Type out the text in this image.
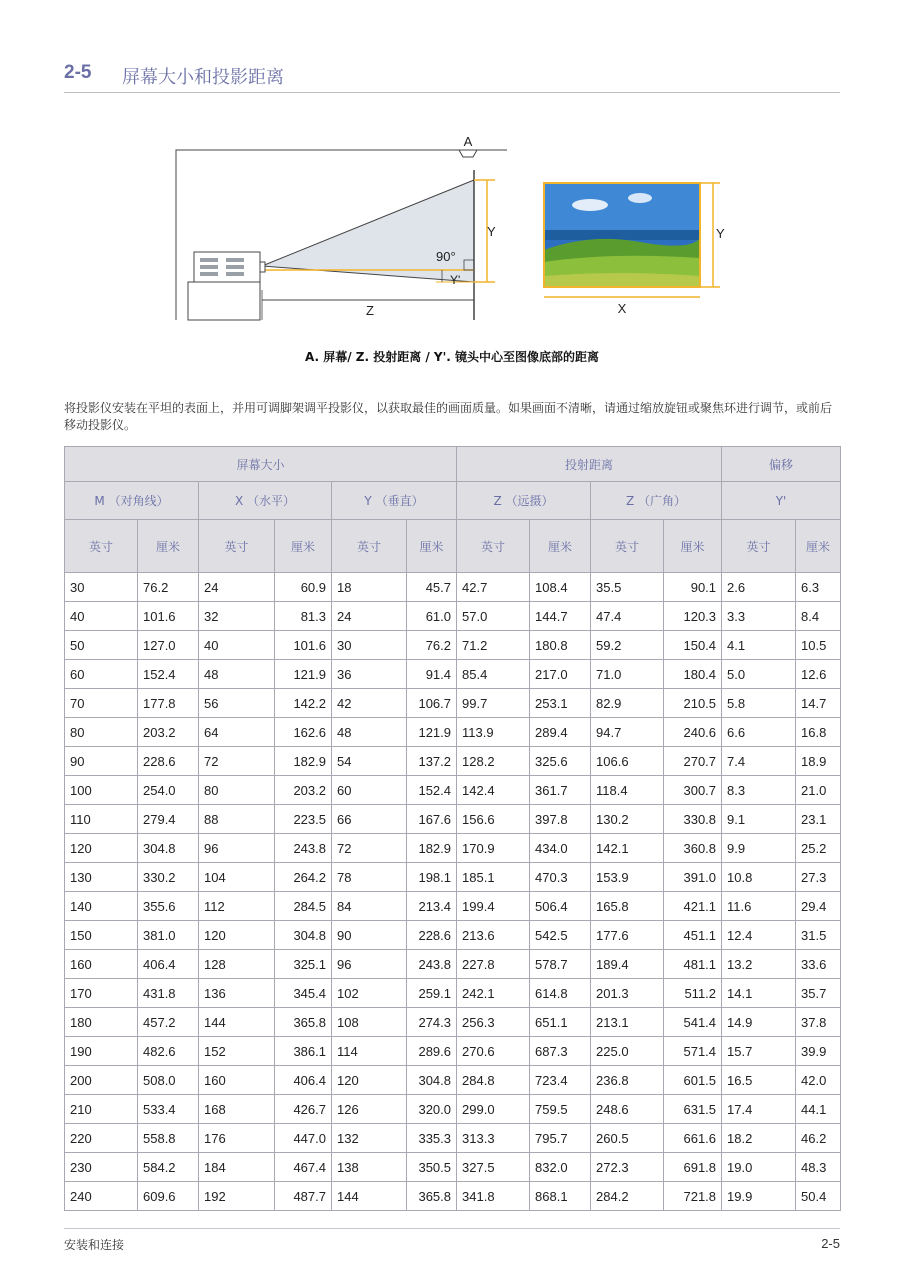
2-5 屏幕大小和投影距离
A
90°
Y'
Y
Z
Y
X
A. 屏幕/ Z. 投射距离 / Y'. 镜头中心至图像底部的距离
将投影仪安装在平坦的表面上，并用可调脚架调平投影仪，以获取最佳的画面质量。如果画面不清晰，请通过缩放旋钮或聚焦环进行调节，或前后移动投影仪。
屏幕大小						投射距离				偏移	
M （对角线）		X （水平）		Y （垂直）		Z （远摄）		Z （广角）		Y'	
英寸	厘米	英寸	厘米	英寸	厘米	英寸	厘米	英寸	厘米	英寸	厘米
30	76.2	24	60.9	18	45.7	42.7	108.4	35.5	90.1	2.6	6.3
40	101.6	32	81.3	24	61.0	57.0	144.7	47.4	120.3	3.3	8.4
50	127.0	40	101.6	30	76.2	71.2	180.8	59.2	150.4	4.1	10.5
60	152.4	48	121.9	36	91.4	85.4	217.0	71.0	180.4	5.0	12.6
70	177.8	56	142.2	42	106.7	99.7	253.1	82.9	210.5	5.8	14.7
80	203.2	64	162.6	48	121.9	113.9	289.4	94.7	240.6	6.6	16.8
90	228.6	72	182.9	54	137.2	128.2	325.6	106.6	270.7	7.4	18.9
100	254.0	80	203.2	60	152.4	142.4	361.7	118.4	300.7	8.3	21.0
110	279.4	88	223.5	66	167.6	156.6	397.8	130.2	330.8	9.1	23.1
120	304.8	96	243.8	72	182.9	170.9	434.0	142.1	360.8	9.9	25.2
130	330.2	104	264.2	78	198.1	185.1	470.3	153.9	391.0	10.8	27.3
140	355.6	112	284.5	84	213.4	199.4	506.4	165.8	421.1	11.6	29.4
150	381.0	120	304.8	90	228.6	213.6	542.5	177.6	451.1	12.4	31.5
160	406.4	128	325.1	96	243.8	227.8	578.7	189.4	481.1	13.2	33.6
170	431.8	136	345.4	102	259.1	242.1	614.8	201.3	511.2	14.1	35.7
180	457.2	144	365.8	108	274.3	256.3	651.1	213.1	541.4	14.9	37.8
190	482.6	152	386.1	114	289.6	270.6	687.3	225.0	571.4	15.7	39.9
200	508.0	160	406.4	120	304.8	284.8	723.4	236.8	601.5	16.5	42.0
210	533.4	168	426.7	126	320.0	299.0	759.5	248.6	631.5	17.4	44.1
220	558.8	176	447.0	132	335.3	313.3	795.7	260.5	661.6	18.2	46.2
230	584.2	184	467.4	138	350.5	327.5	832.0	272.3	691.8	19.0	48.3
240	609.6	192	487.7	144	365.8	341.8	868.1	284.2	721.8	19.9	50.4
安装和连接	2-5
